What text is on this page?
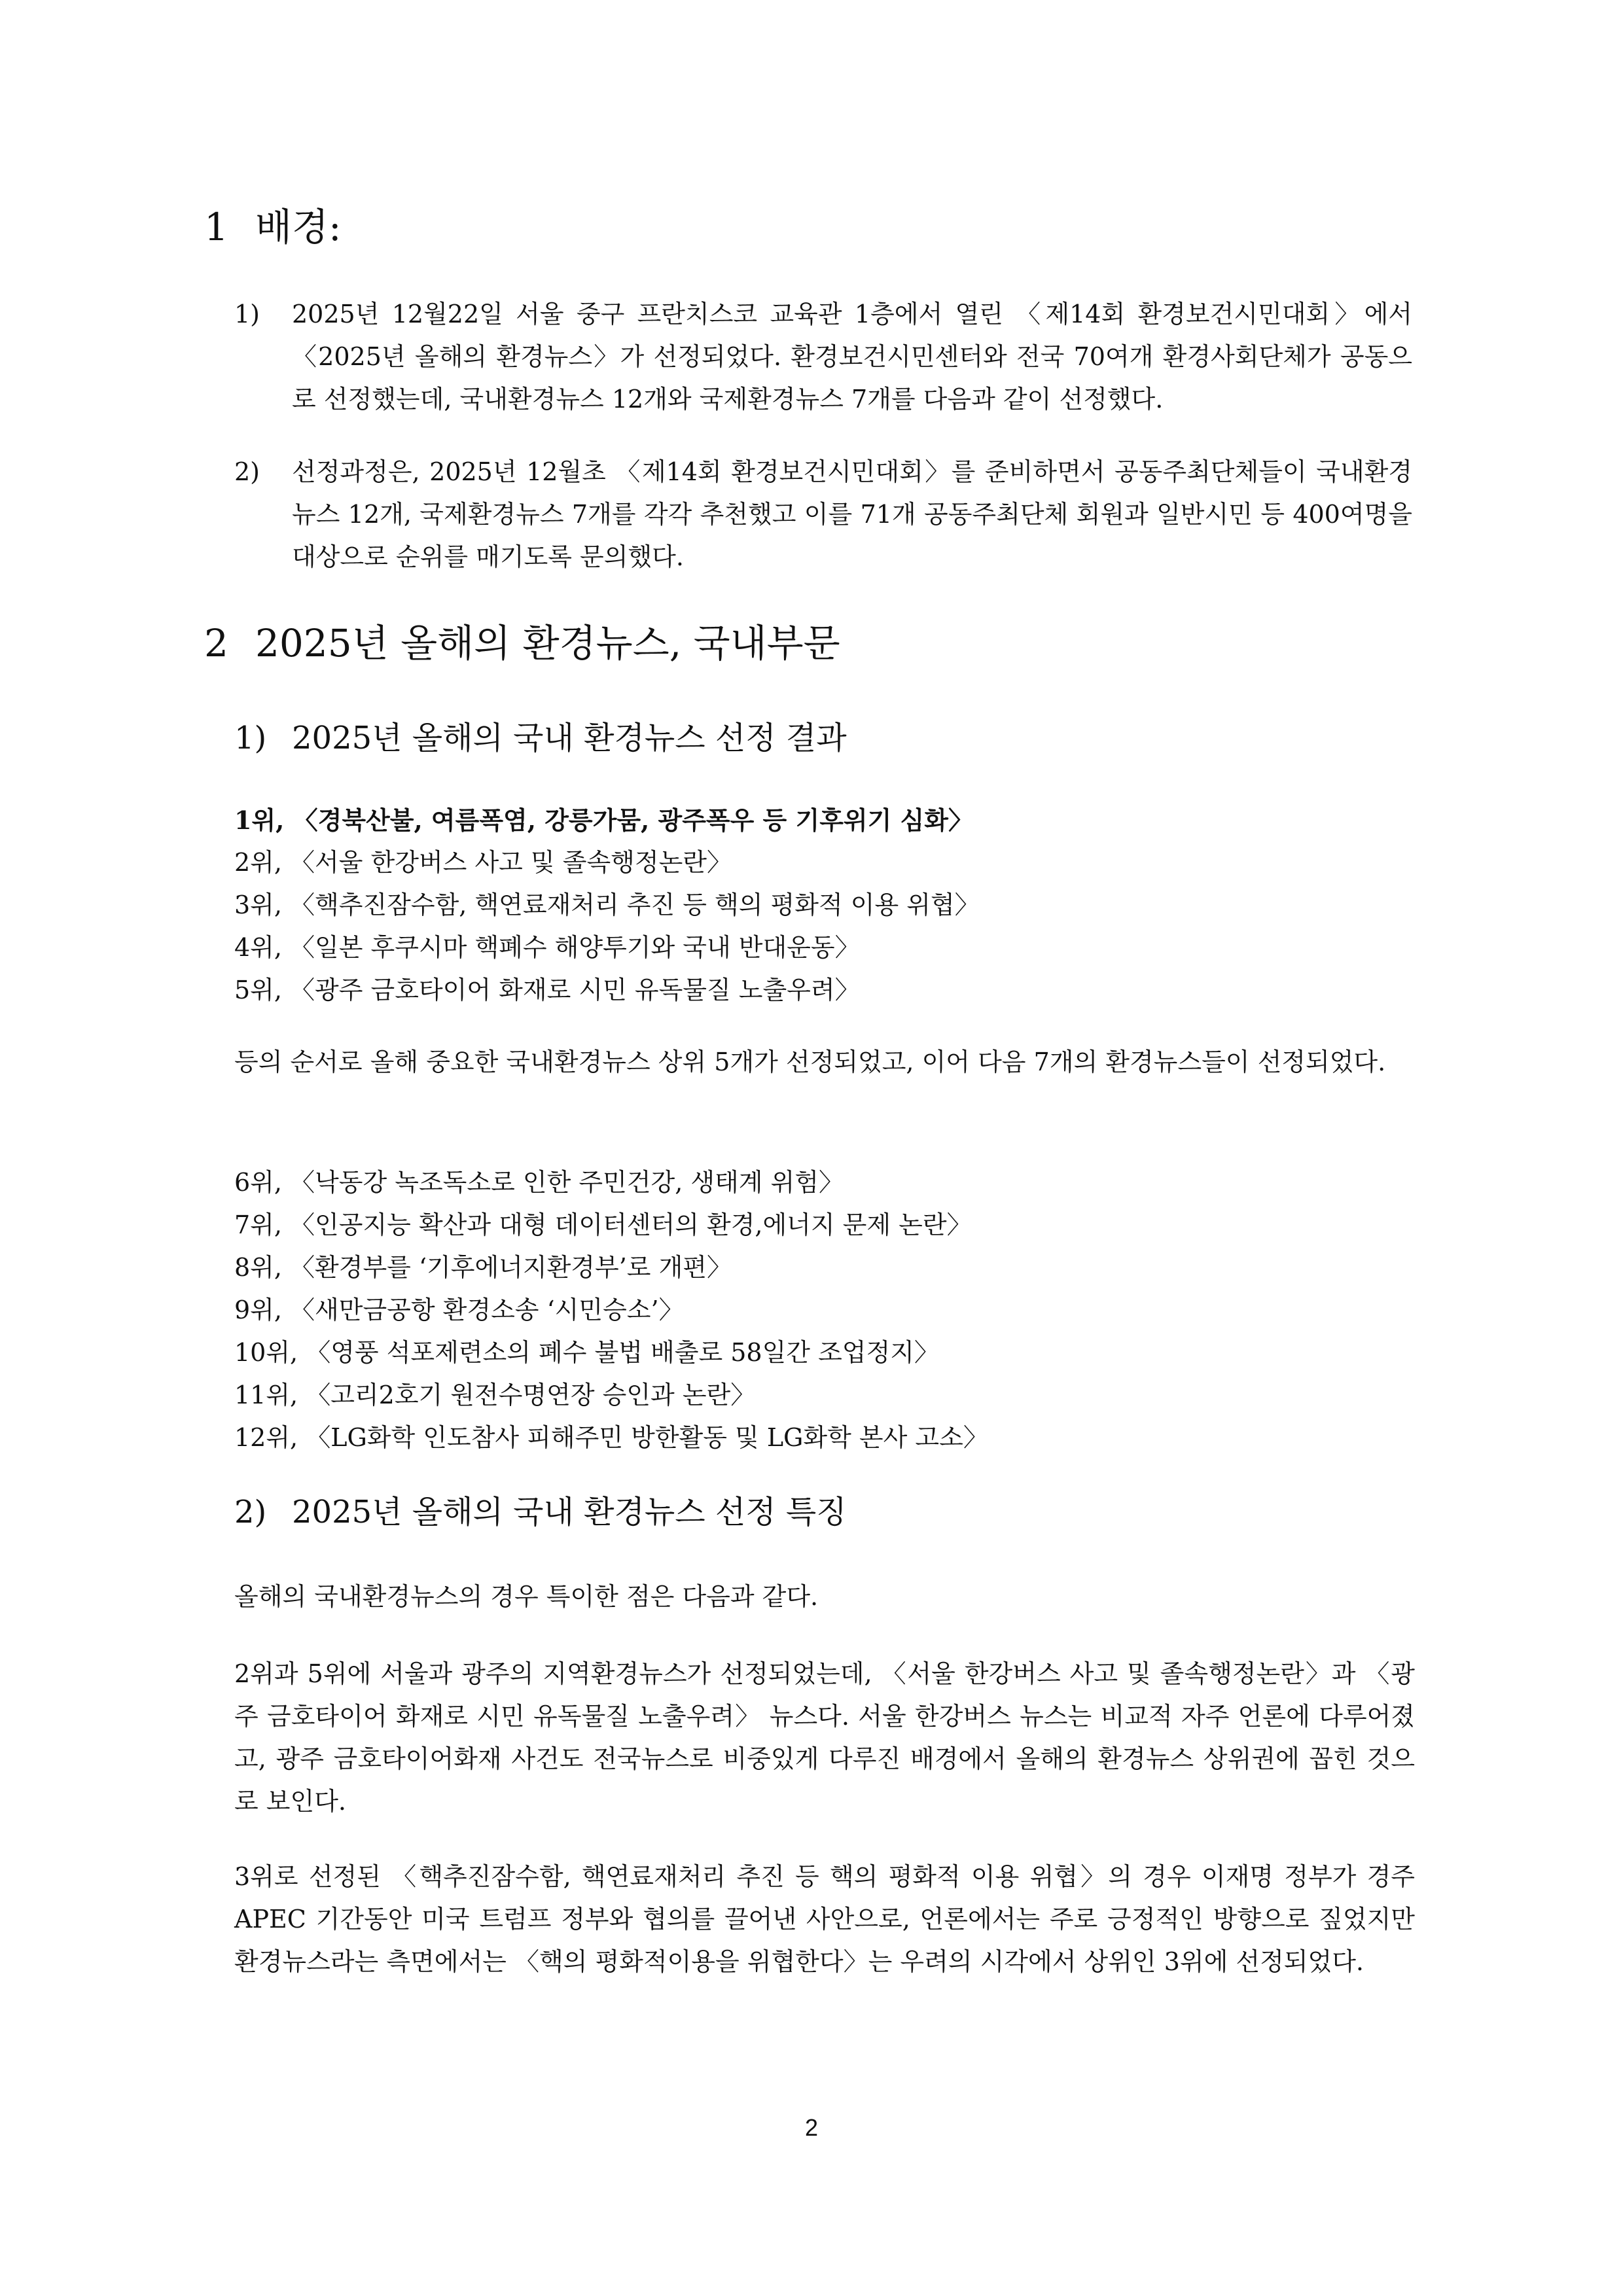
1 배경:
1) 2025년 12월22일 서울 중구 프란치스코 교육관 1층에서 열린 〈제14회 환경보건시민대회〉에서 〈2025년 올해의 환경뉴스〉가 선정되었다. 환경보건시민센터와 전국 70여개 환경사회단체가 공동으로 선정했는데, 국내환경뉴스 12개와 국제환경뉴스 7개를 다음과 같이 선정했다.
2) 선정과정은, 2025년 12월초 〈제14회 환경보건시민대회〉를 준비하면서 공동주최단체들이 국내환경뉴스 12개, 국제환경뉴스 7개를 각각 추천했고 이를 71개 공동주최단체 회원과 일반시민 등 400여명을 대상으로 순위를 매기도록 문의했다.
2 2025년 올해의 환경뉴스, 국내부문
1) 2025년 올해의 국내 환경뉴스 선정 결과
1위, 〈경북산불, 여름폭염, 강릉가뭄, 광주폭우 등 기후위기 심화〉
2위, 〈서울 한강버스 사고 및 졸속행정논란〉
3위, 〈핵추진잠수함, 핵연료재처리 추진 등 핵의 평화적 이용 위협〉
4위, 〈일본 후쿠시마 핵폐수 해양투기와 국내 반대운동〉
5위, 〈광주 금호타이어 화재로 시민 유독물질 노출우려〉

등의 순서로 올해 중요한 국내환경뉴스 상위 5개가 선정되었고, 이어 다음 7개의 환경뉴스들이 선정되었다.

6위, 〈낙동강 녹조독소로 인한 주민건강, 생태계 위험〉
7위, 〈인공지능 확산과 대형 데이터센터의 환경,에너지 문제 논란〉
8위, 〈환경부를 ‘기후에너지환경부’로 개편〉
9위, 〈새만금공항 환경소송 ‘시민승소’〉
10위, 〈영풍 석포제련소의 폐수 불법 배출로 58일간 조업정지〉
11위, 〈고리2호기 원전수명연장 승인과 논란〉
12위, 〈LG화학 인도참사 피해주민 방한활동 및 LG화학 본사 고소〉
2) 2025년 올해의 국내 환경뉴스 선정 특징

올해의 국내환경뉴스의 경우 특이한 점은 다음과 같다.

2위과 5위에 서울과 광주의 지역환경뉴스가 선정되었는데, 〈서울 한강버스 사고 및 졸속행정논란〉과 〈광주 금호타이어 화재로 시민 유독물질 노출우려〉 뉴스다. 서울 한강버스 뉴스는 비교적 자주 언론에 다루어졌고, 광주 금호타이어화재 사건도 전국뉴스로 비중있게 다루진 배경에서 올해의 환경뉴스 상위권에 꼽힌 것으로 보인다.

3위로 선정된 〈핵추진잠수함, 핵연료재처리 추진 등 핵의 평화적 이용 위협〉의 경우 이재명 정부가 경주APEC 기간동안 미국 트럼프 정부와 협의를 끌어낸 사안으로, 언론에서는 주로 긍정적인 방향으로 짚었지만 환경뉴스라는 측면에서는 〈핵의 평화적이용을 위협한다〉는 우려의 시각에서 상위인 3위에 선정되었다.

2
